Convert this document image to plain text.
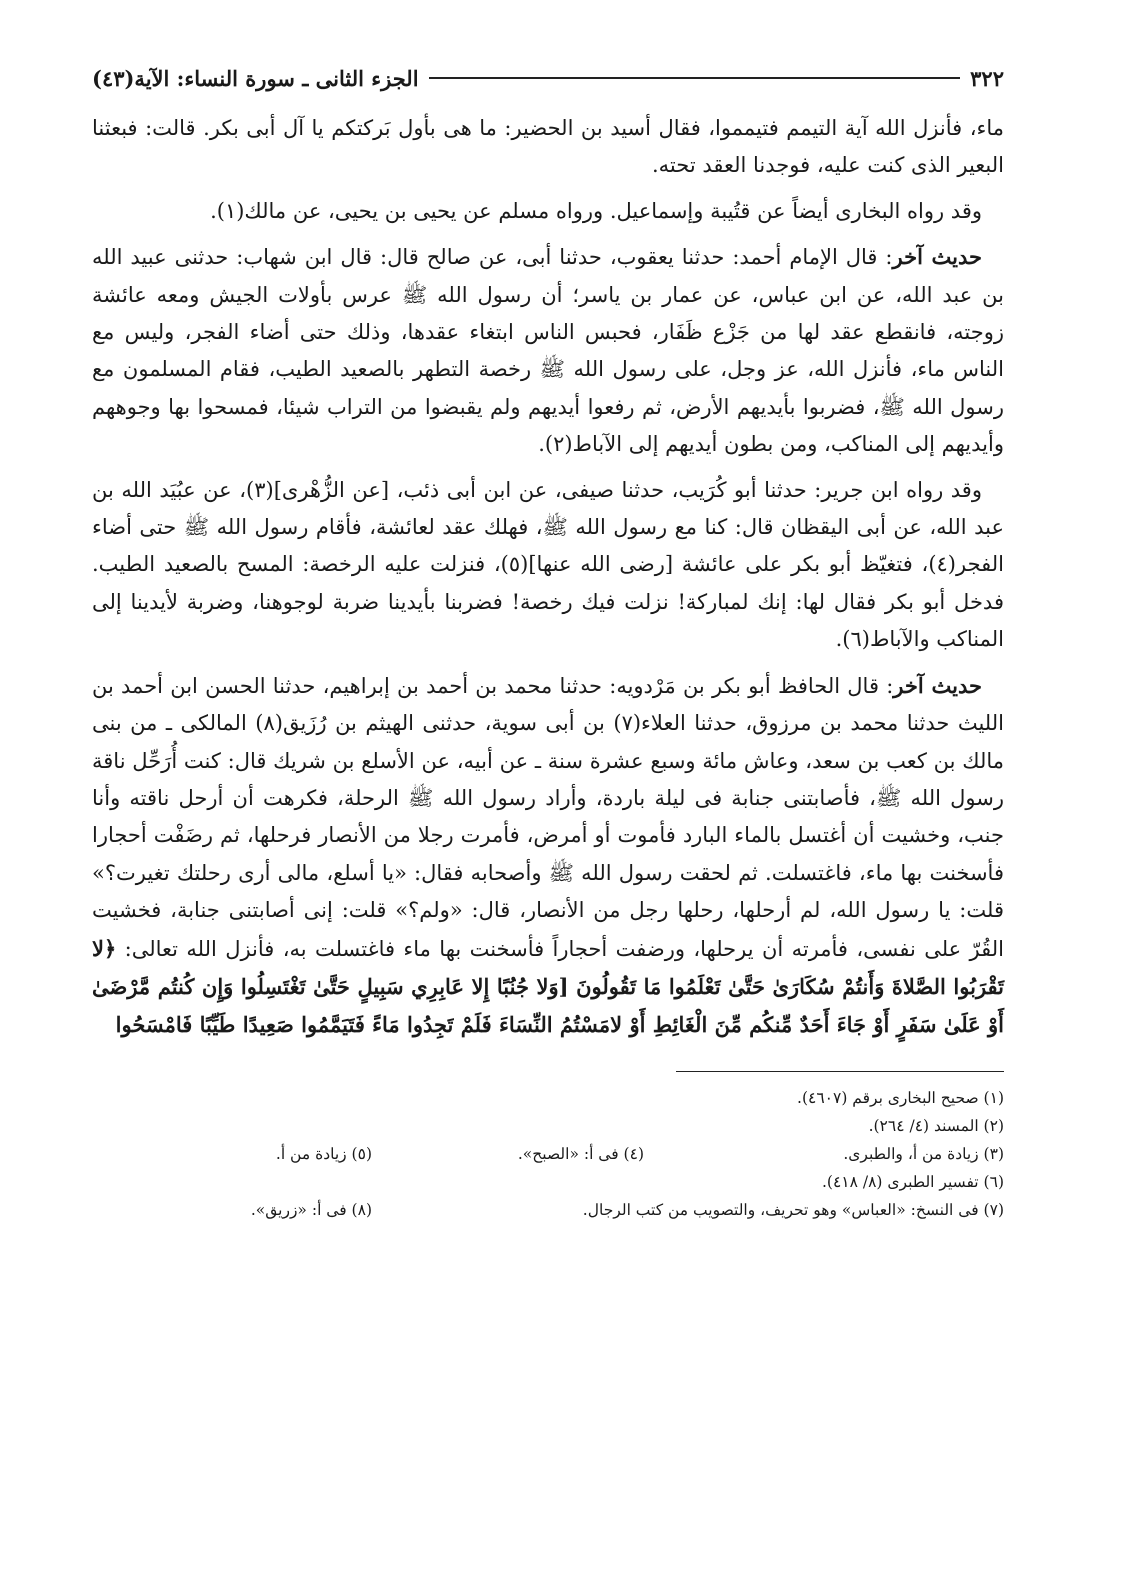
٣٢٢
الجزء الثانى ـ سورة النساء: الآية(٤٣)

ماء، فأنزل الله آية التيمم فتيمموا، فقال أسيد بن الحضير: ما هى بأول بَركتكم يا آل أبى بكر. قالت: فبعثنا البعير الذى كنت عليه، فوجدنا العقد تحته.

وقد رواه البخارى أيضاً عن قتُيبة وإسماعيل. ورواه مسلم عن يحيى بن يحيى، عن مالك(١).

حديث آخر: قال الإمام أحمد: حدثنا يعقوب، حدثنا أبى، عن صالح قال: قال ابن شهاب: حدثنى عبيد الله بن عبد الله، عن ابن عباس، عن عمار بن ياسر؛ أن رسول الله ﷺ عرس بأولات الجيش ومعه عائشة زوجته، فانقطع عقد لها من جَزْع ظَفَار، فحبس الناس ابتغاء عقدها، وذلك حتى أضاء الفجر، وليس مع الناس ماء، فأنزل الله، عز وجل، على رسول الله ﷺ رخصة التطهر بالصعيد الطيب، فقام المسلمون مع رسول الله ﷺ، فضربوا بأيديهم الأرض، ثم رفعوا أيديهم ولم يقبضوا من التراب شيئا، فمسحوا بها وجوههم وأيديهم إلى المناكب، ومن بطون أيديهم إلى الآباط(٢).

وقد رواه ابن جرير: حدثنا أبو كُرَيب، حدثنا صيفى، عن ابن أبى ذئب، [عن الزُّهْرى](٣)، عن عبُيَد الله بن عبد الله، عن أبى اليقظان قال: كنا مع رسول الله ﷺ، فهلك عقد لعائشة، فأقام رسول الله ﷺ حتى أضاء الفجر(٤)، فتغيّظ أبو بكر على عائشة [رضى الله عنها](٥)، فنزلت عليه الرخصة: المسح بالصعيد الطيب. فدخل أبو بكر فقال لها: إنك لمباركة! نزلت فيك رخصة! فضربنا بأيدينا ضربة لوجوهنا، وضربة لأيدينا إلى المناكب والآباط(٦).

حديث آخر: قال الحافظ أبو بكر بن مَرْدويه: حدثنا محمد بن أحمد بن إبراهيم، حدثنا الحسن ابن أحمد بن الليث حدثنا محمد بن مرزوق، حدثنا العلاء(٧) بن أبى سوية، حدثنى الهيثم بن رُزَيق(٨) المالكى ـ من بنى مالك بن كعب بن سعد، وعاش مائة وسبع عشرة سنة ـ عن أبيه، عن الأسلع بن شريك قال: كنت أُرَحِّل ناقة رسول الله ﷺ، فأصابتنى جنابة فى ليلة باردة، وأراد رسول الله ﷺ الرحلة، فكرهت أن أرحل ناقته وأنا جنب، وخشيت أن أغتسل بالماء البارد فأموت أو أمرض، فأمرت رجلا من الأنصار فرحلها، ثم رضَفْت أحجارا فأسخنت بها ماء، فاغتسلت. ثم لحقت رسول الله ﷺ وأصحابه فقال: «يا أسلع، مالى أرى رحلتك تغيرت؟» قلت: يا رسول الله، لم أرحلها، رحلها رجل من الأنصار، قال: «ولم؟» قلت: إنى أصابتنى جنابة، فخشيت القُرّ على نفسى، فأمرته أن يرحلها، ورضفت أحجاراً فأسخنت بها ماء فاغتسلت به، فأنزل الله تعالى: ﴿لا تَقْرَبُوا الصَّلاةَ وَأَنتُمْ سُكَارَىٰ حَتَّىٰ تَعْلَمُوا مَا تَقُولُونَ [وَلا جُنُبًا إِلا عَابِرِي سَبِيلٍ حَتَّىٰ تَغْتَسِلُوا وَإِن كُنتُم مَّرْضَىٰ أَوْ عَلَىٰ سَفَرٍ أَوْ جَاءَ أَحَدٌ مِّنكُم مِّنَ الْغَائِطِ أَوْ لامَسْتُمُ النِّسَاءَ فَلَمْ تَجِدُوا مَاءً فَتَيَمَّمُوا صَعِيدًا طَيِّبًا فَامْسَحُوا

(١) صحيح البخارى برقم (٤٦٠٧).
(٢) المسند (٤/ ٢٦٤).
(٣) زيادة من أ، والطبرى.
(٤) فى أ: «الصبح».
(٥) زيادة من أ.
(٦) تفسير الطبرى (٨/ ٤١٨).
(٧) فى النسخ: «العباس» وهو تحريف، والتصويب من كتب الرجال.
(٨) فى أ: «زريق».
